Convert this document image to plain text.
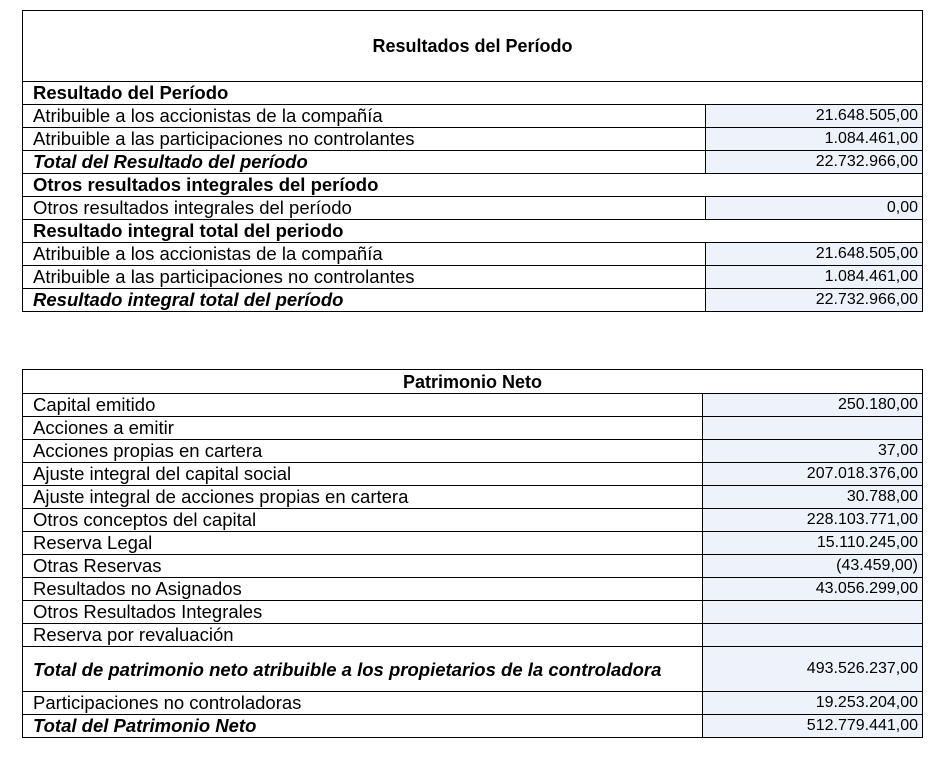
Resultados del Período	
Resultado del Período	
Atribuible a los accionistas de la compañía	21.648.505,00
Atribuible a las participaciones no controlantes	1.084.461,00
Total del Resultado del período	22.732.966,00
Otros resultados integrales del período	
Otros resultados integrales del período	0,00
Resultado integral total del periodo	
Atribuible a los accionistas de la compañía	21.648.505,00
Atribuible a las participaciones no controlantes	1.084.461,00
Resultado integral total del período	22.732.966,00
Patrimonio Neto	
Capital emitido	250.180,00
Acciones a emitir	
Acciones propias en cartera	37,00
Ajuste integral del capital social	207.018.376,00
Ajuste integral de acciones propias en cartera	30.788,00
Otros conceptos del capital	228.103.771,00
Reserva Legal	15.110.245,00
Otras Reservas	(43.459,00)
Resultados no Asignados	43.056.299,00
Otros Resultados Integrales	
Reserva por revaluación	
Total de patrimonio neto atribuible a los propietarios de la controladora	493.526.237,00
Participaciones no controladoras	19.253.204,00
Total del Patrimonio Neto	512.779.441,00
